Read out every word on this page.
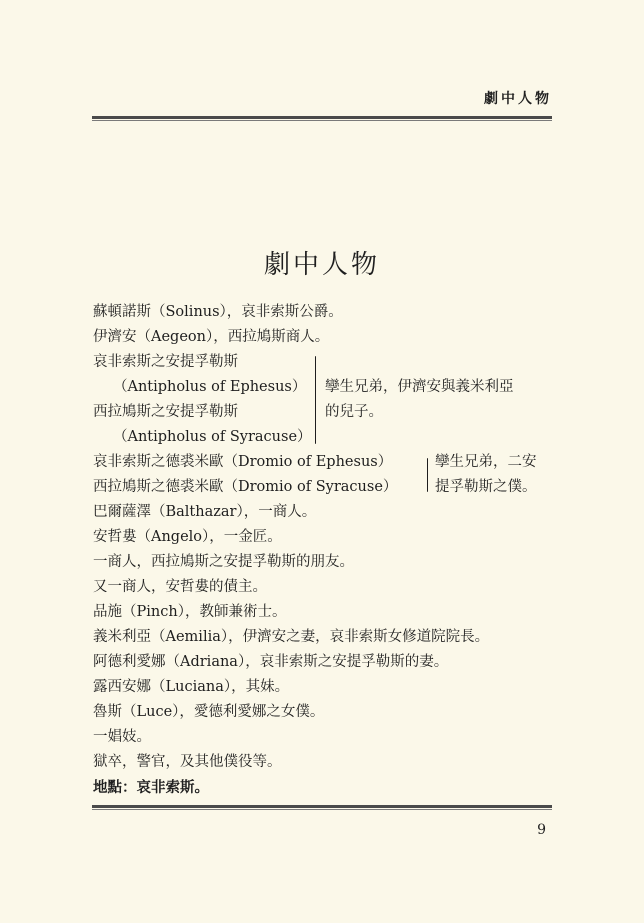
劇中人物
劇中人物
蘇頓諾斯（Solinus），哀非索斯公爵。
伊濟安（Aegeon），西拉鳩斯商人。
哀非索斯之安提孚勒斯
（Antipholus of Ephesus）
西拉鳩斯之安提孚勒斯
（Antipholus of Syracuse）
孿生兄弟，伊濟安與義米利亞
的兒子。
哀非索斯之德裘米歐（Dromio of Ephesus）
西拉鳩斯之德裘米歐（Dromio of Syracuse）
孿生兄弟，二安
提孚勒斯之僕。
巴爾薩澤（Balthazar），一商人。
安哲婁（Angelo），一金匠。
一商人，西拉鳩斯之安提孚勒斯的朋友。
又一商人，安哲婁的債主。
品施（Pinch），教師兼術士。
義米利亞（Aemilia），伊濟安之妻，哀非索斯女修道院院長。
阿德利愛娜（Adriana），哀非索斯之安提孚勒斯的妻。
露西安娜（Luciana），其妹。
魯斯（Luce），愛德利愛娜之女僕。
一娼妓。
獄卒，警官，及其他僕役等。
地點：哀非索斯。
9
